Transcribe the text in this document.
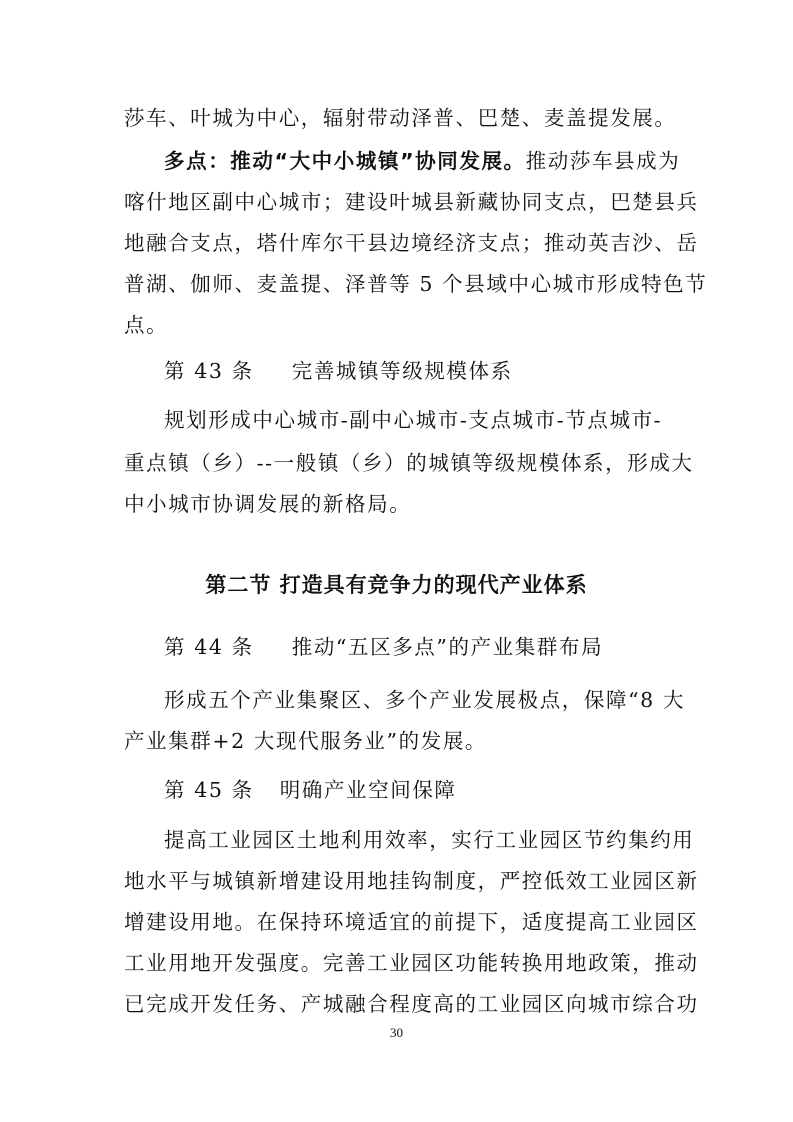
莎车、叶城为中心，辐射带动泽普、巴楚、麦盖提发展。
多点：推动“大中小城镇”协同发展。推动莎车县成为
喀什地区副中心城市；建设叶城县新藏协同支点，巴楚县兵
地融合支点，塔什库尔干县边境经济支点；推动英吉沙、岳
普湖、伽师、麦盖提、泽普等 5 个县域中心城市形成特色节
点。
第 43 条 完善城镇等级规模体系
规划形成中心城市-副中心城市-支点城市-节点城市-
重点镇（乡）--一般镇（乡）的城镇等级规模体系，形成大
中小城市协调发展的新格局。
第二节 打造具有竞争力的现代产业体系
第 44 条 推动“五区多点”的产业集群布局
形成五个产业集聚区、多个产业发展极点，保障“8 大
产业集群+2 大现代服务业”的发展。
第 45 条 明确产业空间保障
提高工业园区土地利用效率，实行工业园区节约集约用
地水平与城镇新增建设用地挂钩制度，严控低效工业园区新
增建设用地。在保持环境适宜的前提下，适度提高工业园区
工业用地开发强度。完善工业园区功能转换用地政策，推动
已完成开发任务、产城融合程度高的工业园区向城市综合功
30
